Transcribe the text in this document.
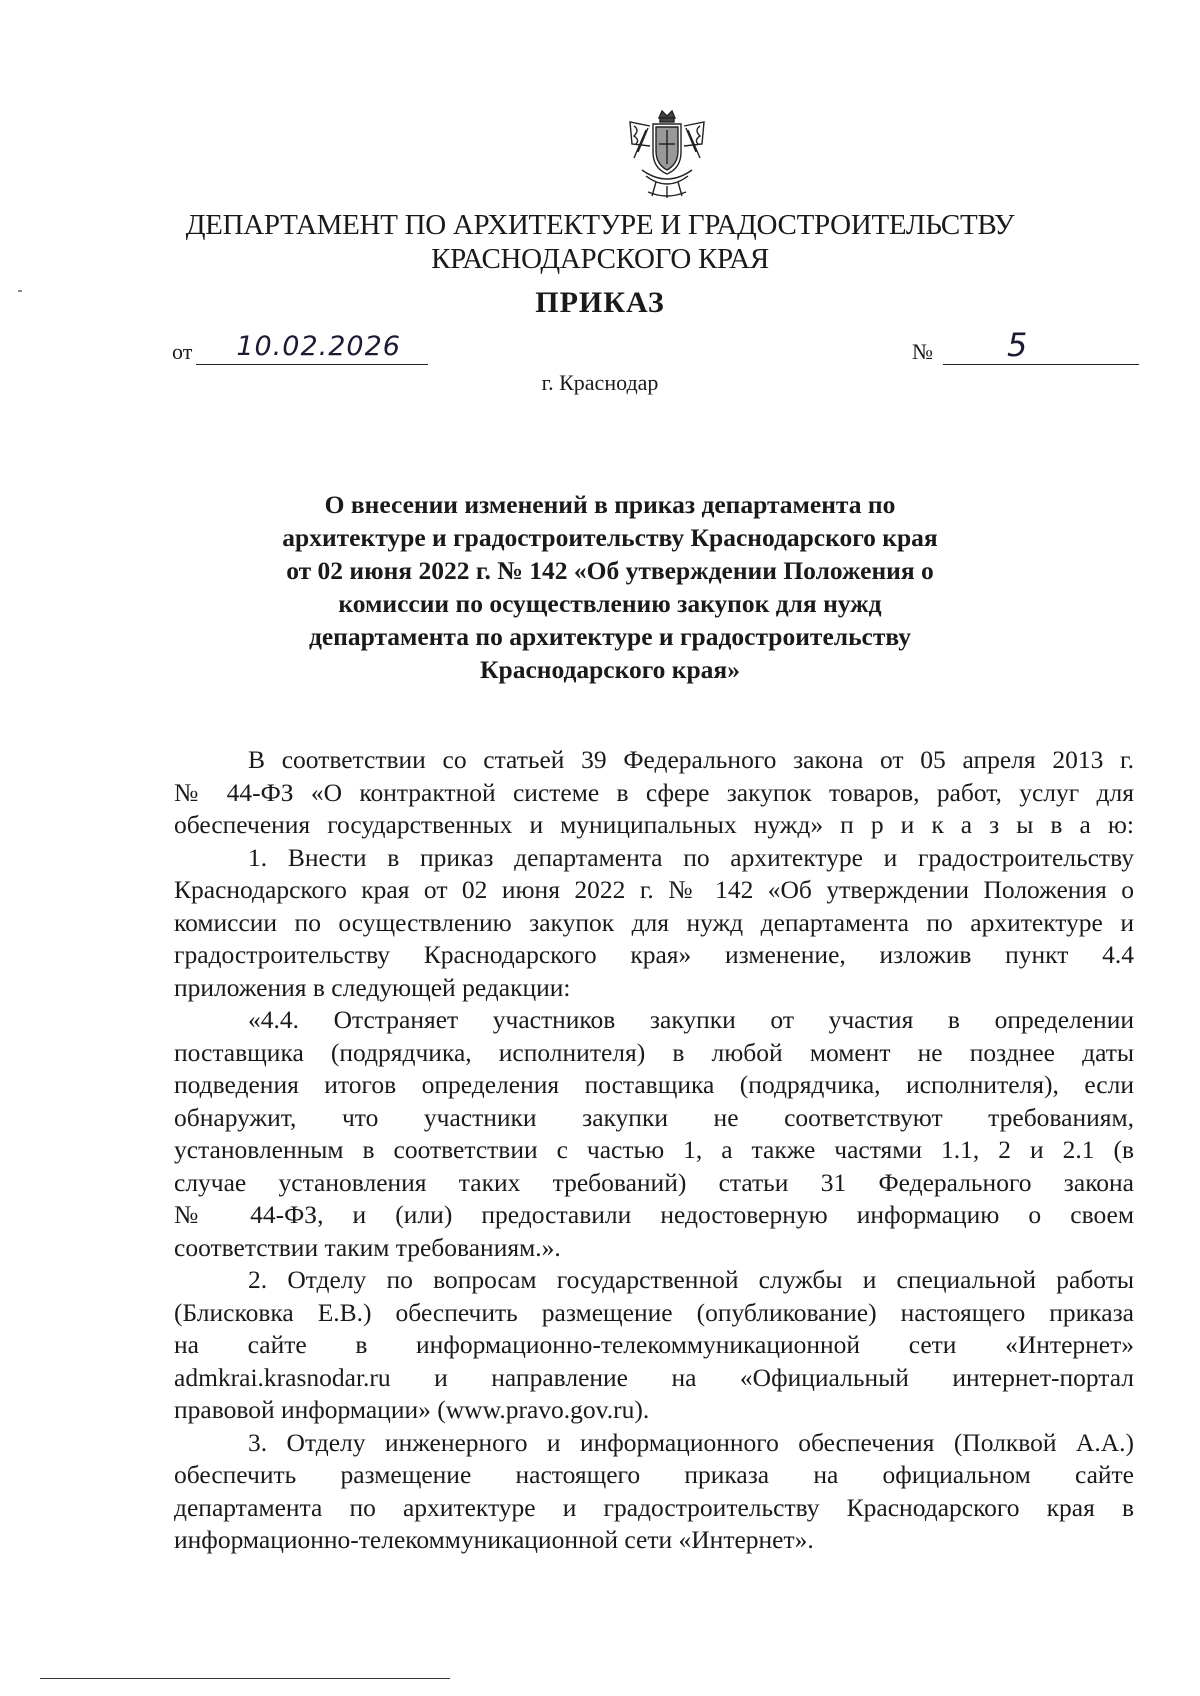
ДЕПАРТАМЕНТ ПО АРХИТЕКТУРЕ И ГРАДОСТРОИТЕЛЬСТВУ
КРАСНОДАРСКОГО КРАЯ
ПРИКАЗ
от 10.02.2026	№ 5
г. Краснодар
О внесении изменений в приказ департамента по
архитектуре и градостроительству Краснодарского края
от 02 июня 2022 г. № 142 «Об утверждении Положения о
комиссии по осуществлению закупок для нужд
департамента по архитектуре и градостроительству
Краснодарского края»
В соответствии со статьей 39 Федерального закона от 05 апреля 2013 г.
№ 44-ФЗ «О контрактной системе в сфере закупок товаров, работ, услуг для
обеспечения государственных и муниципальных нужд» п р и к а з ы в а ю:
1. Внести в приказ департамента по архитектуре и градостроительству
Краснодарского края от 02 июня 2022 г. № 142 «Об утверждении Положения о
комиссии по осуществлению закупок для нужд департамента по архитектуре и
градостроительству Краснодарского края» изменение, изложив пункт 4.4
приложения в следующей редакции:
«4.4. Отстраняет участников закупки от участия в определении
поставщика (подрядчика, исполнителя) в любой момент не позднее даты
подведения итогов определения поставщика (подрядчика, исполнителя), если
обнаружит, что участники закупки не соответствуют требованиям,
установленным в соответствии с частью 1, а также частями 1.1, 2 и 2.1 (в
случае установления таких требований) статьи 31 Федерального закона
№ 44-ФЗ, и (или) предоставили недостоверную информацию о своем
соответствии таким требованиям.».
2. Отделу по вопросам государственной службы и специальной работы
(Блисковка Е.В.) обеспечить размещение (опубликование) настоящего приказа
на сайте в информационно-телекоммуникационной сети «Интернет»
admkrai.krasnodar.ru и направление на «Официальный интернет-портал
правовой информации» (www.pravo.gov.ru).
3. Отделу инженерного и информационного обеспечения (Полквой А.А.)
обеспечить размещение настоящего приказа на официальном сайте
департамента по архитектуре и градостроительству Краснодарского края в
информационно-телекоммуникационной сети «Интернет».
